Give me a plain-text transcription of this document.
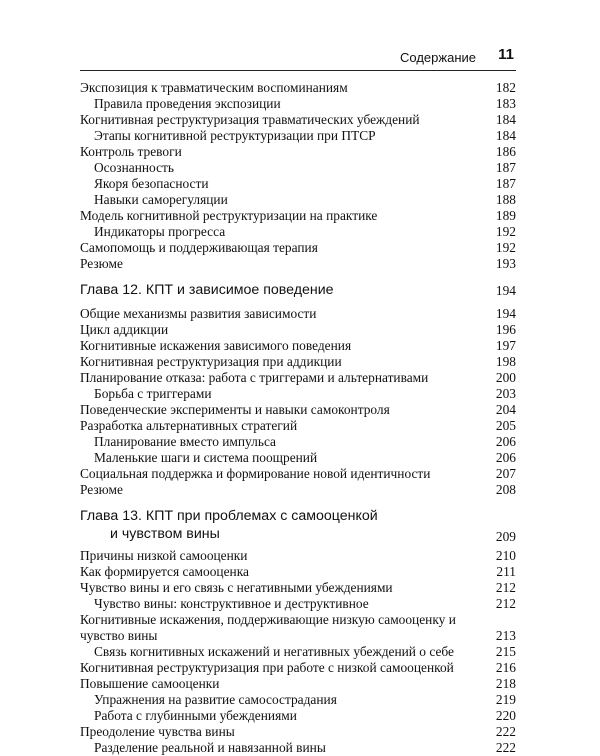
Содержание 11
Экспозиция к травматическим воспоминаниям	182
Правила проведения экспозиции	183
Когнитивная реструктуризация травматических убеждений	184
Этапы когнитивной реструктуризации при ПТСР	184
Контроль тревоги	186
Осознанность	187
Якоря безопасности	187
Навыки саморегуляции	188
Модель когнитивной реструктуризации на практике	189
Индикаторы прогресса	192
Самопомощь и поддерживающая терапия	192
Резюме	193
Глава 12. КПТ и зависимое поведение	194
Общие механизмы развития зависимости	194
Цикл аддикции	196
Когнитивные искажения зависимого поведения	197
Когнитивная реструктуризация при аддикции	198
Планирование отказа: работа с триггерами и альтернативами	200
Борьба с триггерами	203
Поведенческие эксперименты и навыки самоконтроля	204
Разработка альтернативных стратегий	205
Планирование вместо импульса	206
Маленькие шаги и система поощрений	206
Социальная поддержка и формирование новой идентичности	207
Резюме	208
Глава 13. КПТ при проблемах с самооценкой
и чувством вины	209
Причины низкой самооценки	210
Как формируется самооценка	211
Чувство вины и его связь с негативными убеждениями	212
Чувство вины: конструктивное и деструктивное	212
Когнитивные искажения, поддерживающие низкую самооценку и чувство вины	213
Связь когнитивных искажений и негативных убеждений о себе	215
Когнитивная реструктуризация при работе с низкой самооценкой	216
Повышение самооценки	218
Упражнения на развитие самосострадания	219
Работа с глубинными убеждениями	220
Преодоление чувства вины	222
Разделение реальной и навязанной вины	222
